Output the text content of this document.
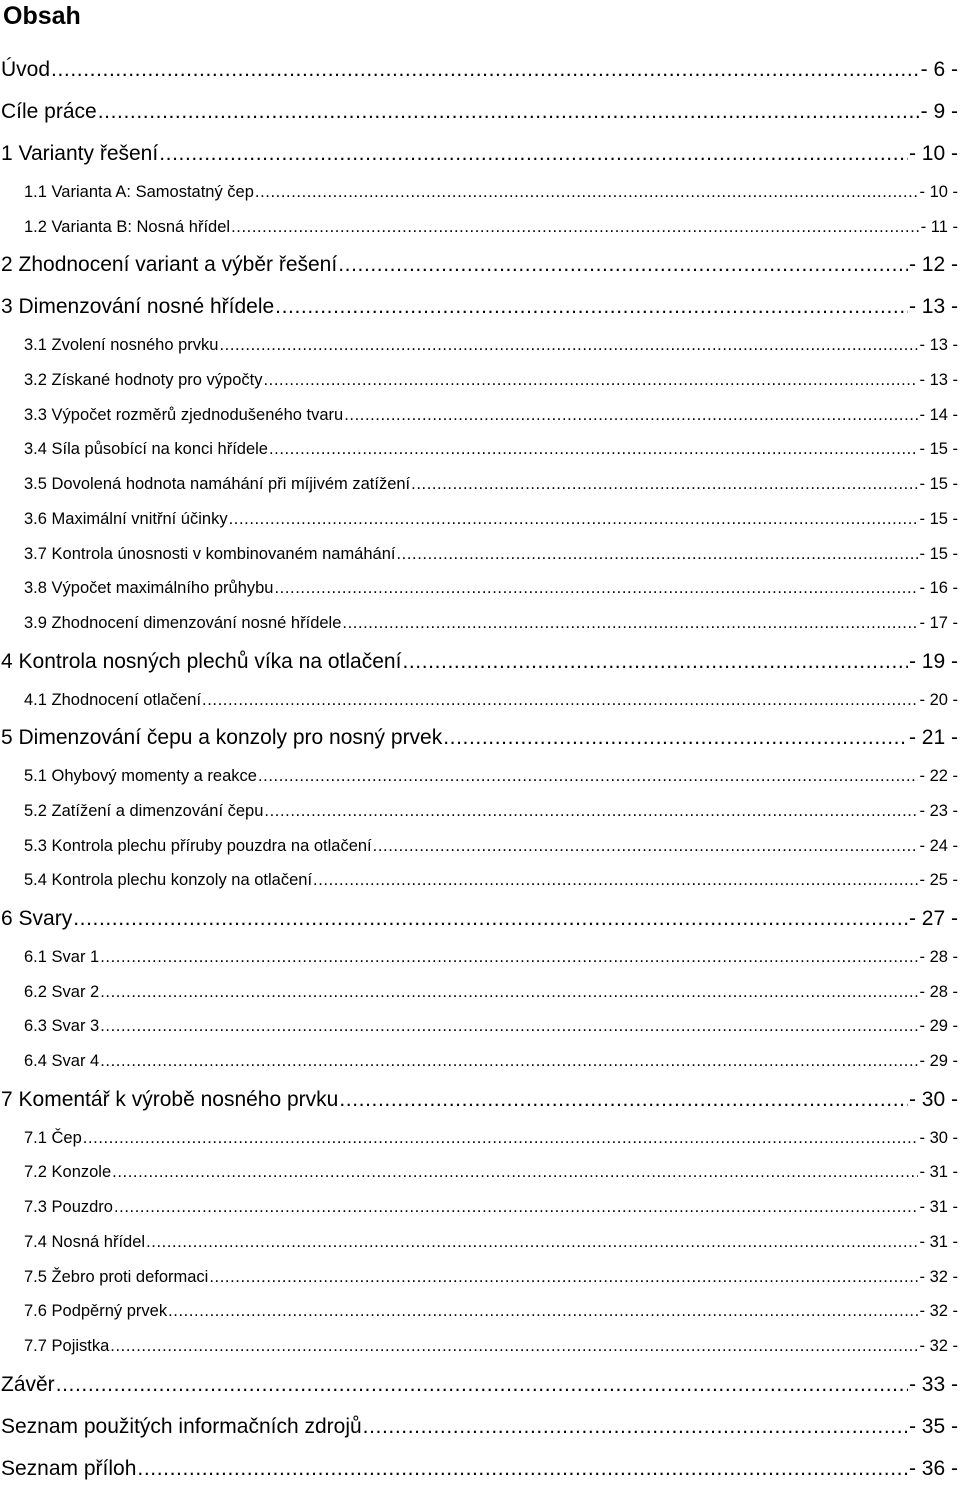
Obsah
Úvod .....	- 6 -
Cíle práce .....	- 9 -
1 Varianty řešení .....	- 10 -
1.1 Varianta A: Samostatný čep .....	- 10 -
1.2 Varianta B: Nosná hřídel .....	- 11 -
2 Zhodnocení variant a výběr řešení .....	- 12 -
3 Dimenzování nosné hřídele .....	- 13 -
3.1 Zvolení nosného prvku .....	- 13 -
3.2 Získané hodnoty pro výpočty .....	- 13 -
3.3 Výpočet rozměrů zjednodušeného tvaru .....	- 14 -
3.4 Síla působící na konci hřídele .....	- 15 -
3.5 Dovolená hodnota namáhání při míjivém zatížení .....	- 15 -
3.6 Maximální vnitřní účinky .....	- 15 -
3.7 Kontrola únosnosti v kombinovaném namáhání .....	- 15 -
3.8 Výpočet maximálního průhybu .....	- 16 -
3.9 Zhodnocení dimenzování nosné hřídele .....	- 17 -
4 Kontrola nosných plechů víka na otlačení .....	- 19 -
4.1 Zhodnocení otlačení .....	- 20 -
5 Dimenzování čepu a konzoly pro nosný prvek .....	- 21 -
5.1 Ohybový momenty a reakce .....	- 22 -
5.2 Zatížení a dimenzování čepu .....	- 23 -
5.3 Kontrola plechu příruby pouzdra na otlačení .....	- 24 -
5.4 Kontrola plechu konzoly na otlačení .....	- 25 -
6 Svary .....	- 27 -
6.1 Svar 1 .....	- 28 -
6.2 Svar 2 .....	- 28 -
6.3 Svar 3 .....	- 29 -
6.4 Svar 4 .....	- 29 -
7 Komentář k výrobě nosného prvku .....	- 30 -
7.1 Čep .....	- 30 -
7.2 Konzole .....	- 31 -
7.3 Pouzdro .....	- 31 -
7.4 Nosná hřídel .....	- 31 -
7.5 Žebro proti deformaci .....	- 32 -
7.6 Podpěrný prvek .....	- 32 -
7.7 Pojistka .....	- 32 -
Závěr .....	- 33 -
Seznam použitých informačních zdrojů .....	- 35 -
Seznam příloh .....	- 36 -
